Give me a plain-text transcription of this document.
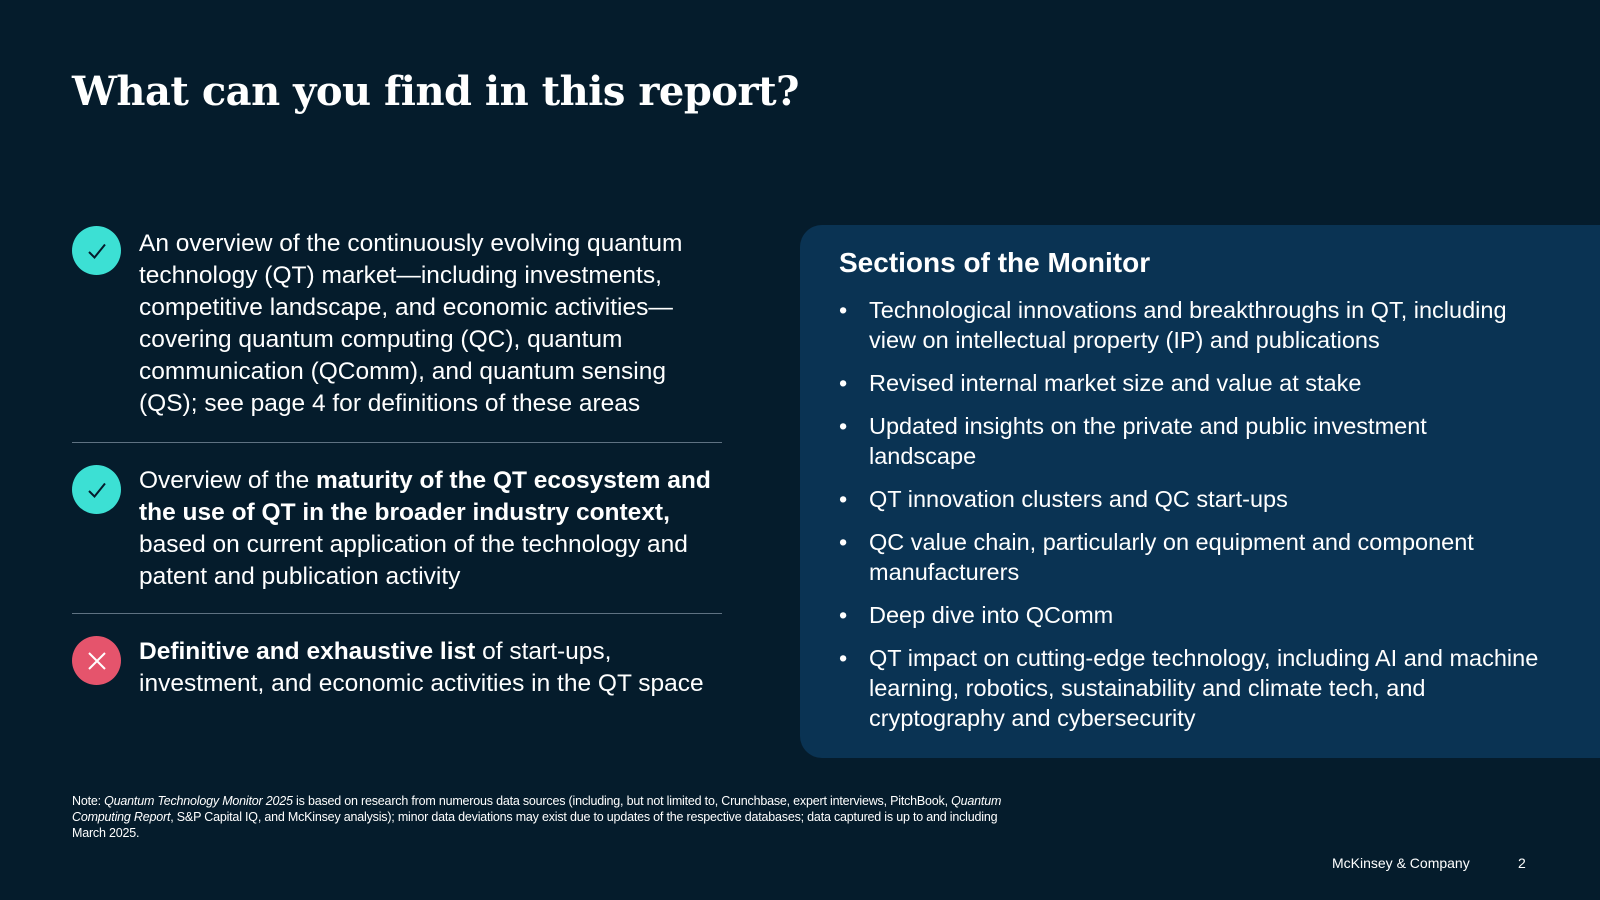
What can you find in this report?
An overview of the continuously evolving quantum technology (QT) market—including investments, competitive landscape, and economic activities—covering quantum computing (QC), quantum communication (QComm), and quantum sensing (QS); see page 4 for definitions of these areas
Overview of the maturity of the QT ecosystem and the use of QT in the broader industry context, based on current application of the technology and patent and publication activity
Definitive and exhaustive list of start-ups, investment, and economic activities in the QT space
Sections of the Monitor
• Technological innovations and breakthroughs in QT, including view on intellectual property (IP) and publications
• Revised internal market size and value at stake
• Updated insights on the private and public investment landscape
• QT innovation clusters and QC start-ups
• QC value chain, particularly on equipment and component manufacturers
• Deep dive into QComm
• QT impact on cutting-edge technology, including AI and machine learning, robotics, sustainability and climate tech, and cryptography and cybersecurity
Note: Quantum Technology Monitor 2025 is based on research from numerous data sources (including, but not limited to, Crunchbase, expert interviews, PitchBook, Quantum Computing Report, S&P Capital IQ, and McKinsey analysis); minor data deviations may exist due to updates of the respective databases; data captured is up to and including March 2025.
McKinsey & Company	2
